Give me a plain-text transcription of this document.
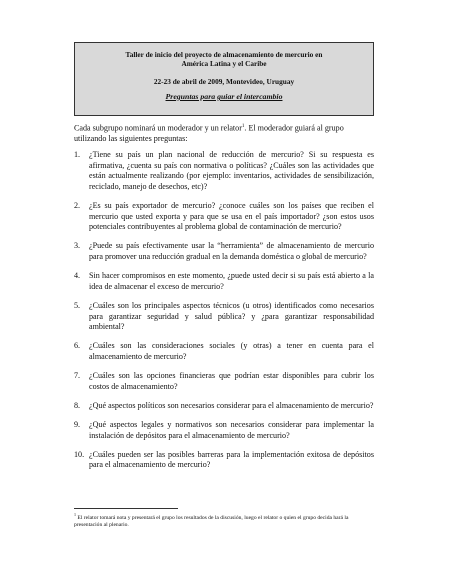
Taller de inicio del proyecto de almacenamiento de mercurio en
América Latina y el Caribe
22-23 de abril de 2009, Montevideo, Uruguay
Preguntas para guiar el intercambio
Cada subgrupo nominará un moderador y un relator$^1$. El moderador guiará al grupo utilizando las siguientes preguntas:
1. ¿Tiene su país un plan nacional de reducción de mercurio? Si su respuesta es afirmativa, ¿cuenta su país con normativa o políticas? ¿Cuáles son las actividades que están actualmente realizando (por ejemplo: inventarios, actividades de sensibilización, reciclado, manejo de desechos, etc)?
2. ¿Es su país exportador de mercurio? ¿conoce cuáles son los países que reciben el mercurio que usted exporta y para que se usa en el país importador? ¿son estos usos potenciales contribuyentes al problema global de contaminación de mercurio?
3. ¿Puede su país efectivamente usar la “herramienta” de almacenamiento de mercurio para promover una reducción gradual en la demanda doméstica o global de mercurio?
4. Sin hacer compromisos en este momento, ¿puede usted decir si su país está abierto a la idea de almacenar el exceso de mercurio?
5. ¿Cuáles son los principales aspectos técnicos (u otros) identificados como necesarios para garantizar seguridad y salud pública? y ¿para garantizar responsabilidad ambiental?
6. ¿Cuáles son las consideraciones sociales (y otras) a tener en cuenta para el almacenamiento de mercurio?
7. ¿Cuáles son las opciones financieras que podrían estar disponibles para cubrir los costos de almacenamiento?
8. ¿Qué aspectos políticos son necesarios considerar para el almacenamiento de mercurio?
9. ¿Qué aspectos legales y normativos son necesarios considerar para implementar la instalación de depósitos para el almacenamiento de mercurio?
10. ¿Cuáles pueden ser las posibles barreras para la implementación exitosa de depósitos para el almacenamiento de mercurio?
$^1$ El relator tomará nota y presentará el grupo los resultados de la discusión, luego el relator o quien el grupo decida hará la presentación al plenario.
